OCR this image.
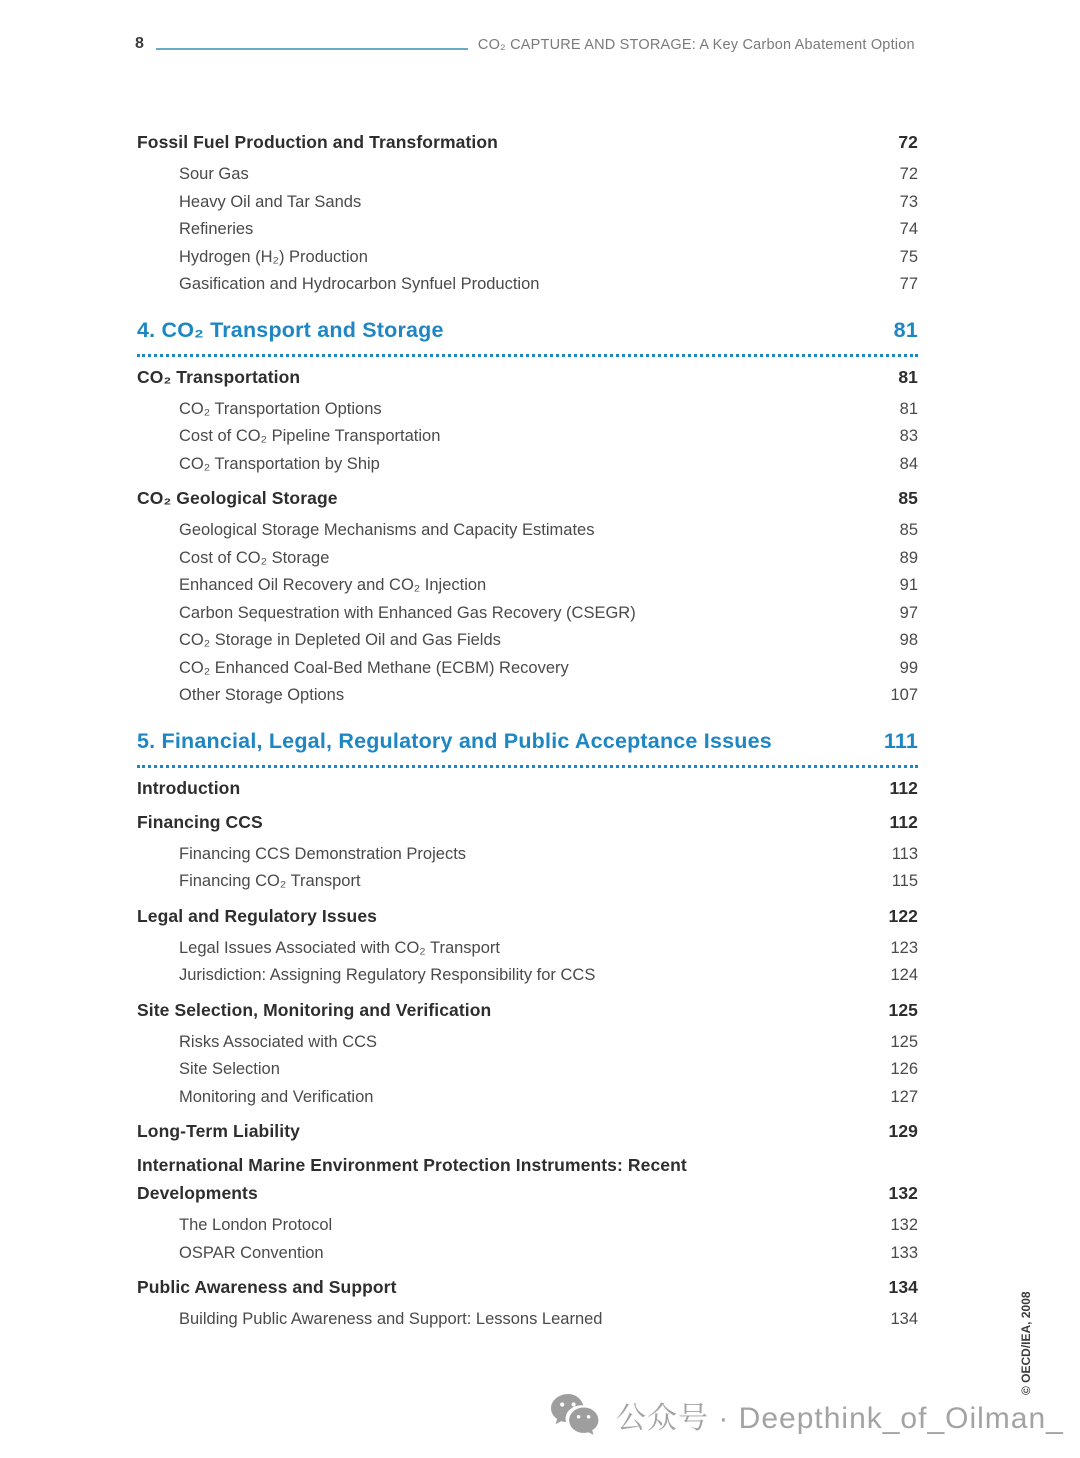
8	CO₂ CAPTURE AND STORAGE: A Key Carbon Abatement Option
Fossil Fuel Production and Transformation	72
Sour Gas	72
Heavy Oil and Tar Sands	73
Refineries	74
Hydrogen (H₂) Production	75
Gasification and Hydrocarbon Synfuel Production	77
4. CO₂ Transport and Storage	81
CO₂ Transportation	81
CO₂ Transportation Options	81
Cost of CO₂ Pipeline Transportation	83
CO₂ Transportation by Ship	84
CO₂ Geological Storage	85
Geological Storage Mechanisms and Capacity Estimates	85
Cost of CO₂ Storage	89
Enhanced Oil Recovery and CO₂ Injection	91
Carbon Sequestration with Enhanced Gas Recovery (CSEGR)	97
CO₂ Storage in Depleted Oil and Gas Fields	98
CO₂ Enhanced Coal-Bed Methane (ECBM) Recovery	99
Other Storage Options	107
5. Financial, Legal, Regulatory and Public Acceptance Issues	111
Introduction	112
Financing CCS	112
Financing CCS Demonstration Projects	113
Financing CO₂ Transport	115
Legal and Regulatory Issues	122
Legal Issues Associated with CO₂ Transport	123
Jurisdiction: Assigning Regulatory Responsibility for CCS	124
Site Selection, Monitoring and Verification	125
Risks Associated with CCS	125
Site Selection	126
Monitoring and Verification	127
Long-Term Liability	129
International Marine Environment Protection Instruments: Recent Developments	132
The London Protocol	132
OSPAR Convention	133
Public Awareness and Support	134
Building Public Awareness and Support: Lessons Learned	134	© OECD/IEA, 2008
公众号 · Deepthink_of_Oilman_
